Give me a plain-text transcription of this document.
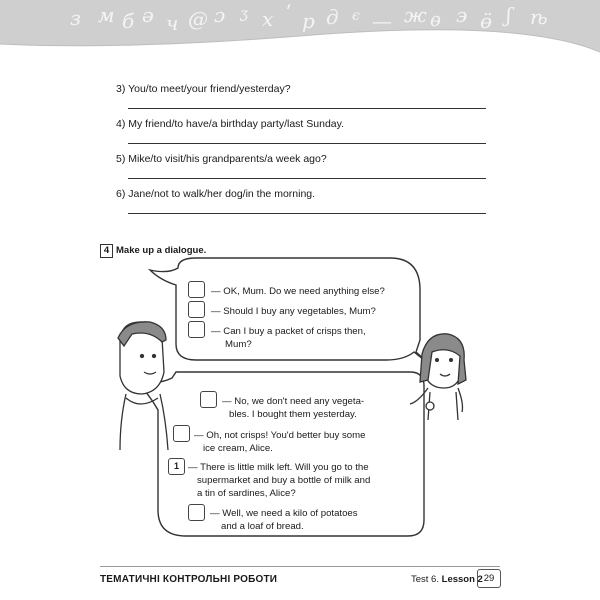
з м б ə ч @ ɔ ʒ х ʹ р д є — ж ѳ э ӫ ʃ ѣ
3) You/to meet/your friend/yesterday?
4) My friend/to have/a birthday party/last Sunday.
5) Mike/to visit/his grandparents/a week ago?
6) Jane/not to walk/her dog/in the morning.
4 Make up a dialogue.
— OK, Mum. Do we need anything else?
— Should I buy any vegetables, Mum?
— Can I buy a packet of crisps then,
Mum?
— No, we don't need any vegeta-
bles. I bought them yesterday.
— Oh, not crisps! You'd better buy some
ice cream, Alice.
1 — There is little milk left. Will you go to the
supermarket and buy a bottle of milk and
a tin of sardines, Alice?
— Well, we need a kilo of potatoes
and a loaf of bread.
ТЕМАТИЧНІ КОНТРОЛЬНІ РОБОТИ	Test 6. Lesson 2 29
